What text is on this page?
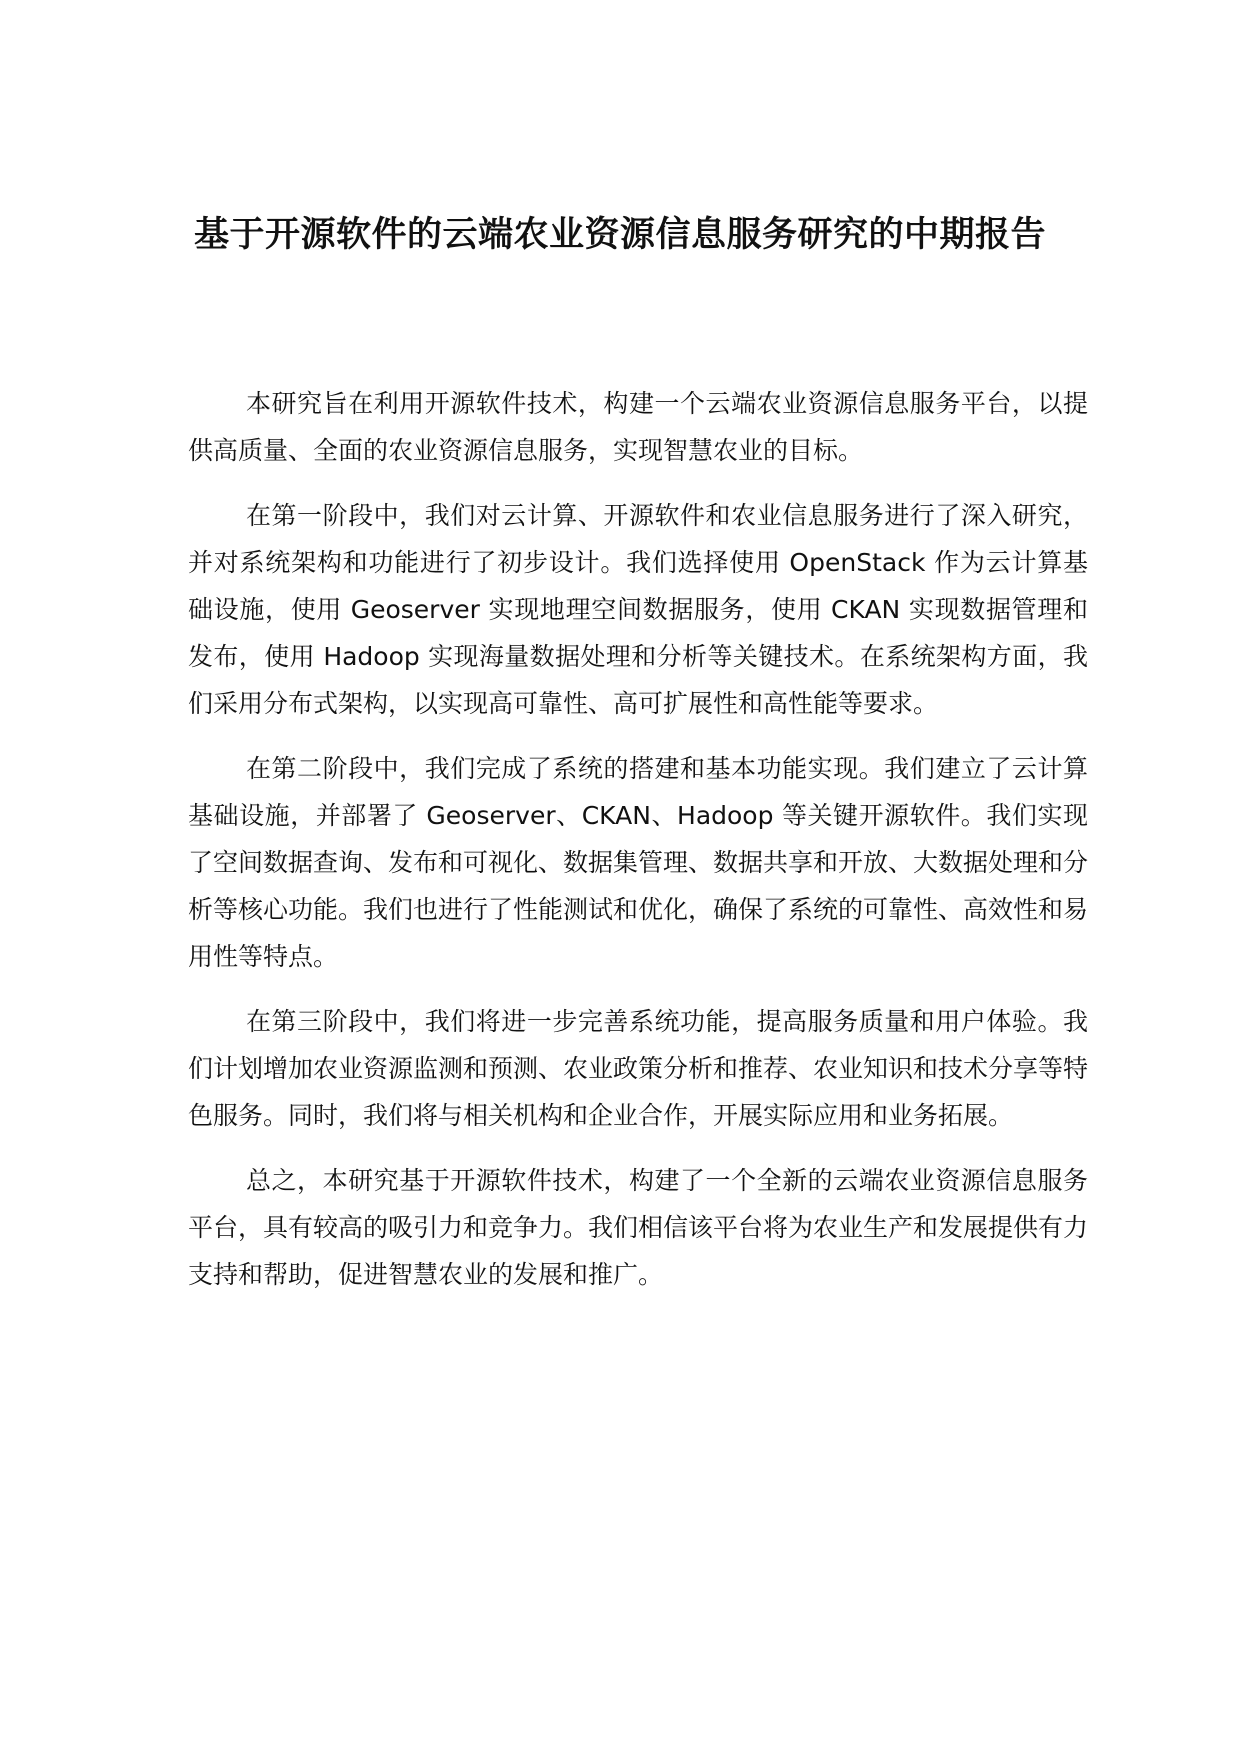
基于开源软件的云端农业资源信息服务研究的中期报告

本研究旨在利用开源软件技术，构建一个云端农业资源信息服务平台，以提供高质量、全面的农业资源信息服务，实现智慧农业的目标。

在第一阶段中，我们对云计算、开源软件和农业信息服务进行了深入研究，并对系统架构和功能进行了初步设计。我们选择使用 OpenStack 作为云计算基础设施，使用 Geoserver 实现地理空间数据服务，使用 CKAN 实现数据管理和发布，使用 Hadoop 实现海量数据处理和分析等关键技术。在系统架构方面，我们采用分布式架构，以实现高可靠性、高可扩展性和高性能等要求。

在第二阶段中，我们完成了系统的搭建和基本功能实现。我们建立了云计算基础设施，并部署了 Geoserver、CKAN、Hadoop 等关键开源软件。我们实现了空间数据查询、发布和可视化、数据集管理、数据共享和开放、大数据处理和分析等核心功能。我们也进行了性能测试和优化，确保了系统的可靠性、高效性和易用性等特点。

在第三阶段中，我们将进一步完善系统功能，提高服务质量和用户体验。我们计划增加农业资源监测和预测、农业政策分析和推荐、农业知识和技术分享等特色服务。同时，我们将与相关机构和企业合作，开展实际应用和业务拓展。

总之，本研究基于开源软件技术，构建了一个全新的云端农业资源信息服务平台，具有较高的吸引力和竞争力。我们相信该平台将为农业生产和发展提供有力支持和帮助，促进智慧农业的发展和推广。
